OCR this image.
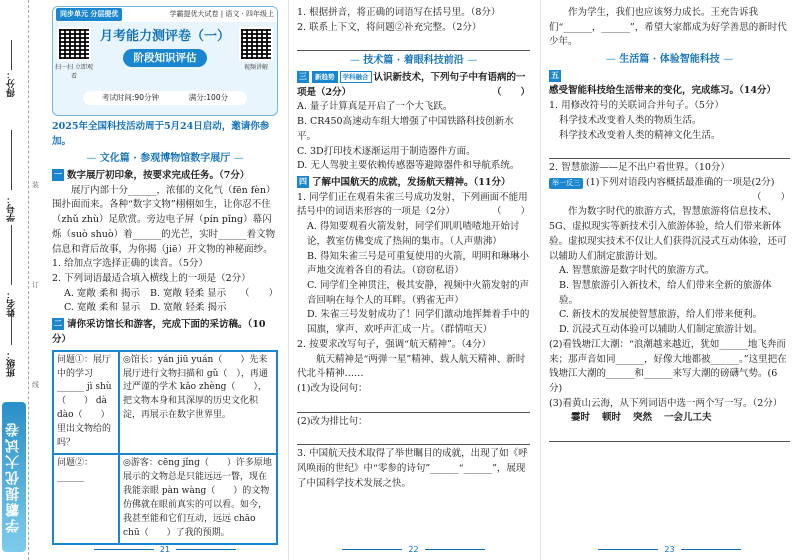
得分：
学号：
姓名：
班级：
装
订
线
学霸提优大试卷
同步单元 分层提优	学霸提优大试卷 | 语文 · 四年级上
扫一扫 立即观看
视频讲解
月考能力测评卷（一）
阶段知识评估
考试时间:90分钟	满分:100分

2025年全国科技活动周于5月24日启动，邀请你参加。

— 文化篇 · 参观博物馆数字展厅 —

一 数字展厅初印象，按要求完成任务。（7分）

展厅内部十分______，浓郁的文化气（fēn fèn）围扑面而来。各种“数字文物”栩栩如生，让你忍不住（zhǔ zhù）足欣赏。旁边电子屏（pín pǐng）幕闪烁（suò shuò）着______的光芒，实时______着文物信息和背后故事，为你揭（jiē）开文物的神秘面纱。

1. 给加点字选择正确的读音。（5分）

2. 下列词语最适合填入横线上的一项是（2分）
（　　）

A. 宽敞 柔和 揭示 B. 宽敞 轻柔 显示
C. 宽敞 柔和 显示 D. 宽敞 轻柔 揭示

二 请你采访馆长和游客，完成下面的采访稿。（10分）

问题①：展厅中的学习 ______ jì shù（　　） dà dào（　　）里出文物给的吗？
◎馆长：yán jiū yuán（　　）先来展厅进行文物扫描和 gǔ（　），再通过严谨的学术 kǎo zhèng（　　），把文物本身和其深厚的历史文化积淀，再展示在数字世界里。
问题②：______
◎游客：cēng jǐng（　　）许多原地展示的文物总是只能远远一瞥，现在我能亲眼 pàn wàng（　　）的文物仿佛就在眼前真实的可以看。如今，我甚至能和它们互动，远远 chāo chū（　　）了我的预期。
21

1. 根据拼音，将正确的词语写在括号里。（8分）

2. 联系上下文，将问题②补充完整。（2分）

— 技术篇 · 着眼科技前沿 —

三 新趋势 学科融合 认识新技术，下列句子中有语病的一项是（2分）	（　　）

A. 量子计算真是开启了一个大飞跃。

B. CR450高速动车组大增强了中国铁路科技创新水平。

C. 3D打印技术逐渐运用于制造器件方面。

D. 无人驾驶主要依赖传感器等避障器件和导航系统。

四 了解中国航天的成就，发扬航天精神。（11分）

1. 同学们正在观看朱雀三号成功发射，下列画面不能用括号中的词语来形容的一项是（2分）	（　　）

A. 得知要观看火箭发射，同学们叽叽喳喳地开始讨论，教室仿佛变成了热闹的集市。（人声鼎沸）

B. 得知朱雀三号是可重复使用的火箭，明明和琳琳小声地交流着各自的看法。（窃窃私语）

C. 同学们全神贯注，极其安静，视频中火箭发射的声音回响在每个人的耳畔。（鸦雀无声）

D. 朱雀三号发射成功了！同学们激动地挥舞着手中的国旗，掌声、欢呼声汇成一片。（群情喧天）

2. 按要求改写句子，强调“航天精神”。（4分）

航天精神是“两弹一星”精神、载人航天精神、新时代北斗精神……

(1)改为设问句：

(2)改为排比句：

3. 中国航天技术取得了举世瞩目的成就，出现了如《呼风唤雨的世纪》中“零参的诗句”______“______”，展现了中国科学技术发展之快。

22

作为学生，我们也应该努力成长。王充告诉我们“______，______”，希望大家都成为好学善思的新时代少年。

— 生活篇 · 体验智能科技 —

五感受智能科技给生活带来的变化，完成练习。（14分）

1. 用修改符号的关联词合并句子。（5分）

科学技术改变着人类的物质生活。

科学技术改变着人类的精神文化生活。

2. 智慧旅游——足不出户看世界。（10分）

举一反三 (1)下列对语段内容概括最准确的一项是(2分)

（　　）

作为数字时代的旅游方式，智慧旅游将信息技术、5G、虚拟现实等新技术引入旅游体验，给人们带来新体验。虚拟现实技术不仅让人们获得沉浸式互动体验，还可以辅助人们制定旅游计划。

A. 智慧旅游是数字时代的旅游方式。

B. 智慧旅游引入新技术，给人们带来全新的旅游体验。

C. 新技术的发展使智慧旅游，给人们带来便利。

D. 沉浸式互动体验可以辅助人们制定旅游计划。

(2)看钱塘江大潮：“浪潮越来越近，犹如______地飞奔而来；那声音如同______，好像大地都被______。”这里把在钱塘江大潮的______和______来写大潮的磅礴气势。(6分)

(3)看黄山云海，从下列词语中选一两个写一写。（2分）

霎时 顿时 突然 一会儿工夫
23
